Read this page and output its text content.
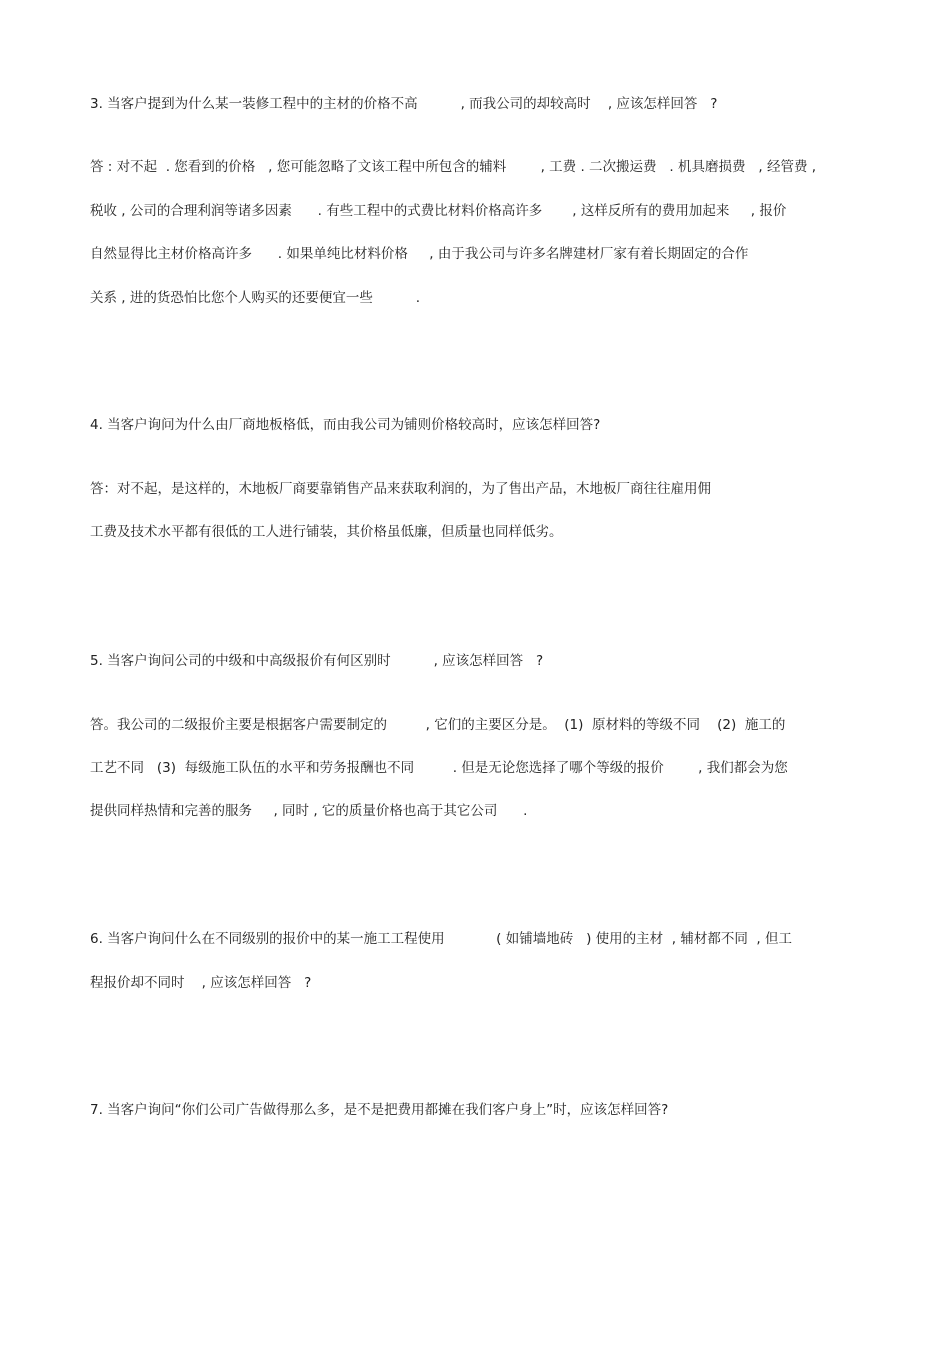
3. 当客户提到为什么某一装修工程中的主材的价格不高          , 而我公司的却较高时    , 应该怎样回答   ?
答 : 对不起  . 您看到的价格   , 您可能忽略了文该工程中所包含的辅料        , 工费 . 二次搬运费   . 机具磨损费   , 经管费 ,
税收 , 公司的合理利润等诸多因素      . 有些工程中的式费比材料价格高许多       , 这样反所有的费用加起来     , 报价
自然显得比主材价格高许多      . 如果单纯比材料价格     , 由于我公司与许多名牌建材厂家有着长期固定的合作
关系 , 进的货恐怕比您个人购买的还要便宜一些          .
4. 当客户询问为什么由厂商地板格低，而由我公司为铺则价格较高时，应该怎样回答?
答：对不起，是这样的，木地板厂商要靠销售产品来获取利润的，为了售出产品，木地板厂商往往雇用佣
工费及技术水平都有很低的工人进行铺装，其价格虽低廉，但质量也同样低劣。
5. 当客户询问公司的中级和中高级报价有何区别时          , 应该怎样回答   ?
答。我公司的二级报价主要是根据客户需要制定的         , 它们的主要区分是。  (1)  原材料的等级不同    (2)  施工的
工艺不同   (3)  每级施工队伍的水平和劳务报酬也不同         . 但是无论您选择了哪个等级的报价        , 我们都会为您
提供同样热情和完善的服务     , 同时 , 它的质量价格也高于其它公司      .
6. 当客户询问什么在不同级别的报价中的某一施工工程使用            ( 如铺墙地砖   ) 使用的主材  , 辅材都不同  , 但工
程报价却不同时    , 应该怎样回答   ?
7. 当客户询问“你们公司广告做得那么多，是不是把费用都摊在我们客户身上”时，应该怎样回答?
